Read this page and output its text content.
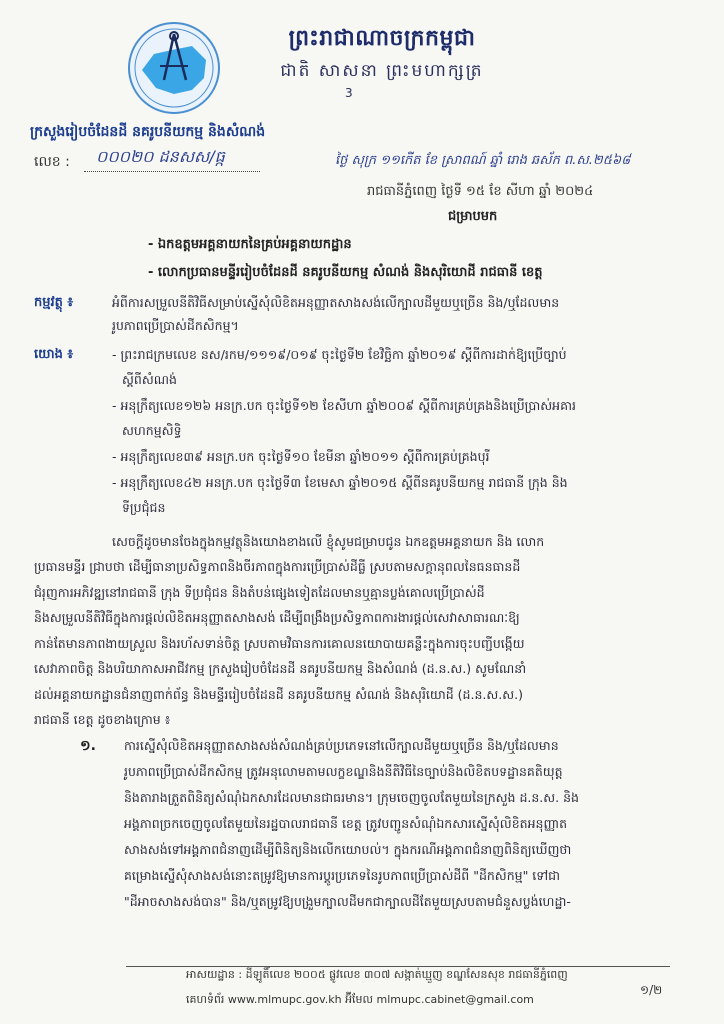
ព្រះរាជាណាចក្រកម្ពុជា
ជាតិ សាសនា ព្រះមហាក្សត្រ
3
ក្រសួងរៀបចំដែនដី នគរូបនីយកម្ម និងសំណង់
លេខ : ០០០២០ ដនសស/ធ្ក	ថ្ងៃ សុក្រ ១១កើត ខែ ស្រាពណ៍ ឆ្នាំ រោង ឆស័ក ព.ស.២៥៦៨
រាជធានីភ្នំពេញ ថ្ងៃទី ១៥ ខែ សីហា ឆ្នាំ ២០២៤
ជម្រាបមក
- ឯកឧត្តមអគ្គនាយកនៃគ្រប់អគ្គនាយកដ្ឋាន
- លោកប្រធានមន្ទីររៀបចំដែនដី នគរូបនីយកម្ម សំណង់ និងសុរិយោដី រាជធានី ខេត្ត
កម្មវត្ថុ ៖	អំពីការសម្រួលនីតិវិធីសម្រាប់ស្នើសុំលិខិតអនុញ្ញាតសាងសង់លើក្បាលដីមួយឬច្រើន និង/ឬដែលមាន
រូបភាពប្រើប្រាស់ដីកសិកម្ម។
យោង ៖	- ព្រះរាជក្រមលេខ នស/រកម/១១១៩/០១៩ ចុះថ្ងៃទី២ ខែវិច្ឆិកា ឆ្នាំ២០១៩ ស្តីពីការដាក់ឱ្យប្រើច្បាប់
ស្តីពីសំណង់
- អនុក្រឹត្យលេខ១២៦ អនក្រ.បក ចុះថ្ងៃទី១២ ខែសីហា ឆ្នាំ២០០៩ ស្តីពីការគ្រប់គ្រងនិងប្រើប្រាស់អគារ
សហកម្មសិទ្ធិ
- អនុក្រឹត្យលេខ៣៩ អនក្រ.បក ចុះថ្ងៃទី១០ ខែមីនា ឆ្នាំ២០១១ ស្តីពីការគ្រប់គ្រងបុរី
- អនុក្រឹត្យលេខ៤២ អនក្រ.បក ចុះថ្ងៃទី៣ ខែមេសា ឆ្នាំ២០១៥ ស្តីពីនគរូបនីយកម្ម រាជធានី ក្រុង និង
ទីប្រជុំជន
សេចក្តីដូចមានចែងក្នុងកម្មវត្ថុនិងយោងខាងលើ ខ្ញុំសូមជម្រាបជូន ឯកឧត្តមអគ្គនាយក និង លោក
ប្រធានមន្ទីរ ជ្រាបថា ដើម្បីធានាប្រសិទ្ធភាពនិងចីរភាពក្នុងការប្រើប្រាស់ដីធ្លី ស្របតាមសក្តានុពលនៃធនធានដី
ជំរុញការអភិវឌ្ឍនៅរាជធានី ក្រុង ទីប្រជុំជន និងតំបន់ផ្សេងទៀតដែលមានឬគ្មានប្លង់គោលប្រើប្រាស់ដី
និងសម្រួលនីតិវិធីក្នុងការផ្តល់លិខិតអនុញ្ញាតសាងសង់ ដើម្បីពង្រឹងប្រសិទ្ធភាពការងារផ្តល់សេវាសាធារណៈឱ្យ
កាន់តែមានភាពងាយស្រួល និងរហ័សទាន់ចិត្ត ស្របតាមវិធានការគោលនយោបាយគន្លឹះក្នុងការចុះបញ្ជីបង្កើយ
សេវាភាពចិត្ត និងបរិយាកាសអាជីវកម្ម ក្រសួងរៀបចំដែនដី នគរូបនីយកម្ម និងសំណង់ (ដ.ន.ស.) សូមណែនាំ
ដល់អគ្គនាយកដ្ឋានជំនាញពាក់ព័ន្ធ និងមន្ទីររៀបចំដែនដី នគរូបនីយកម្ម សំណង់ និងសុរិយោដី (ដ.ន.ស.ស.)
រាជធានី ខេត្ត ដូចខាងក្រោម ៖
១. ការស្នើសុំលិខិតអនុញ្ញាតសាងសង់សំណង់គ្រប់ប្រភេទនៅលើក្បាលដីមួយឬច្រើន និង/ឬដែលមាន
រូបភាពប្រើប្រាស់ដីកសិកម្ម ត្រូវអនុលោមតាមលក្ខខណ្ឌនិងនីតិវិធីនៃច្បាប់និងលិខិតបទដ្ឋានគតិយុត្ត
និងតារាងត្រួតពិនិត្យសំណុំឯកសារដែលមានជាធរមាន។ ក្រុមចេញចូលតែមួយនៃក្រសួង ដ.ន.ស. និង
អង្គភាពច្រកចេញចូលតែមួយនៃរដ្ឋបាលរាជធានី ខេត្ត ត្រូវបញ្ជូនសំណុំឯកសារស្នើសុំលិខិតអនុញ្ញាត
សាងសង់ទៅអង្គភាពជំនាញដើម្បីពិនិត្យនិងលើកយោបល់។ ក្នុងករណីអង្គភាពជំនាញពិនិត្យឃើញថា
គម្រោងស្នើសុំសាងសង់នោះតម្រូវឱ្យមានការប្តូរប្រភេទនៃរូបភាពប្រើប្រាស់ដីពី "ដីកសិកម្ម" ទៅជា
"ដីអាចសាងសង់បាន" និង/ឬតម្រូវឱ្យបង្រួមក្បាលដីមកជាក្បាលដីតែមួយស្របតាមជំនួសប្លង់ហេដ្ឋា-
អាសយដ្ឋាន : ដីឡូតិ៍លេខ ២០០៥ ផ្លូវលេខ ៣០៧ សង្កាត់ឃ្មួញ ខណ្ឌសែនសុខ រាជធានីភ្នំពេញ
គេហទំព័រ www.mlmupc.gov.kh អ៊ីមែល mlmupc.cabinet@gmail.com
១/២
